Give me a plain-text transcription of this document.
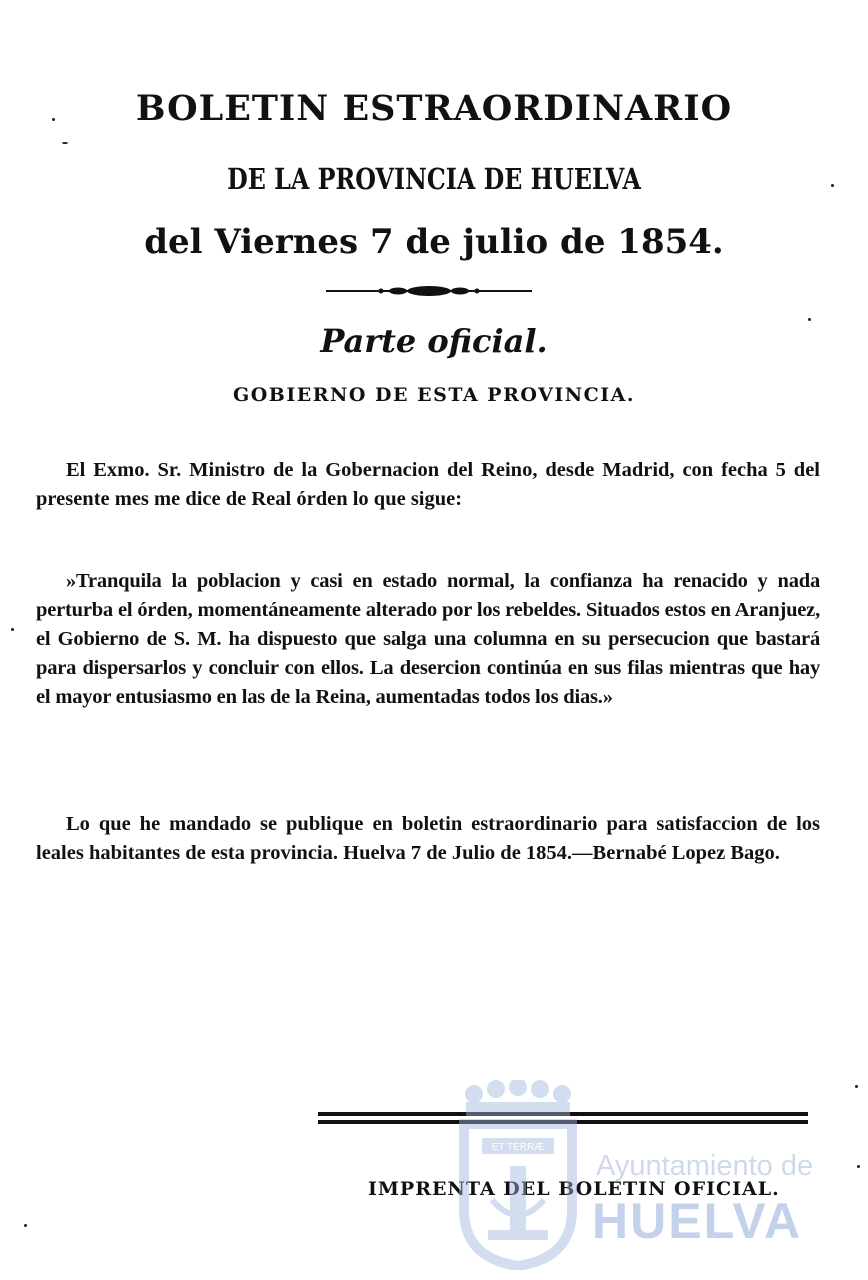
BOLETIN ESTRAORDINARIO
DE LA PROVINCIA DE HUELVA
del Viernes 7 de julio de 1854.
Parte oficial.
GOBIERNO DE ESTA PROVINCIA.
El Exmo. Sr. Ministro de la Gobernacion del Reino, desde Madrid, con fecha 5 del presente mes me dice de Real órden lo que sigue:
»Tranquila la poblacion y casi en estado normal, la confianza ha renacido y nada perturba el órden, momentáneamente alterado por los rebeldes. Situados estos en Aranjuez, el Gobierno de S. M. ha dispuesto que salga una columna en su persecucion que bastará para dispersarlos y concluir con ellos. La desercion continúa en sus filas mientras que hay el mayor entusiasmo en las de la Reina, aumentadas todos los dias.»
Lo que he mandado se publique en boletin estraordinario para satisfaccion de los leales habitantes de esta provincia. Huelva 7 de Julio de 1854.—Bernabé Lopez Bago.
IMPRENTA DEL BOLETIN OFICIAL.
ET TERRÆ
Ayuntamiento de
HUELVA
